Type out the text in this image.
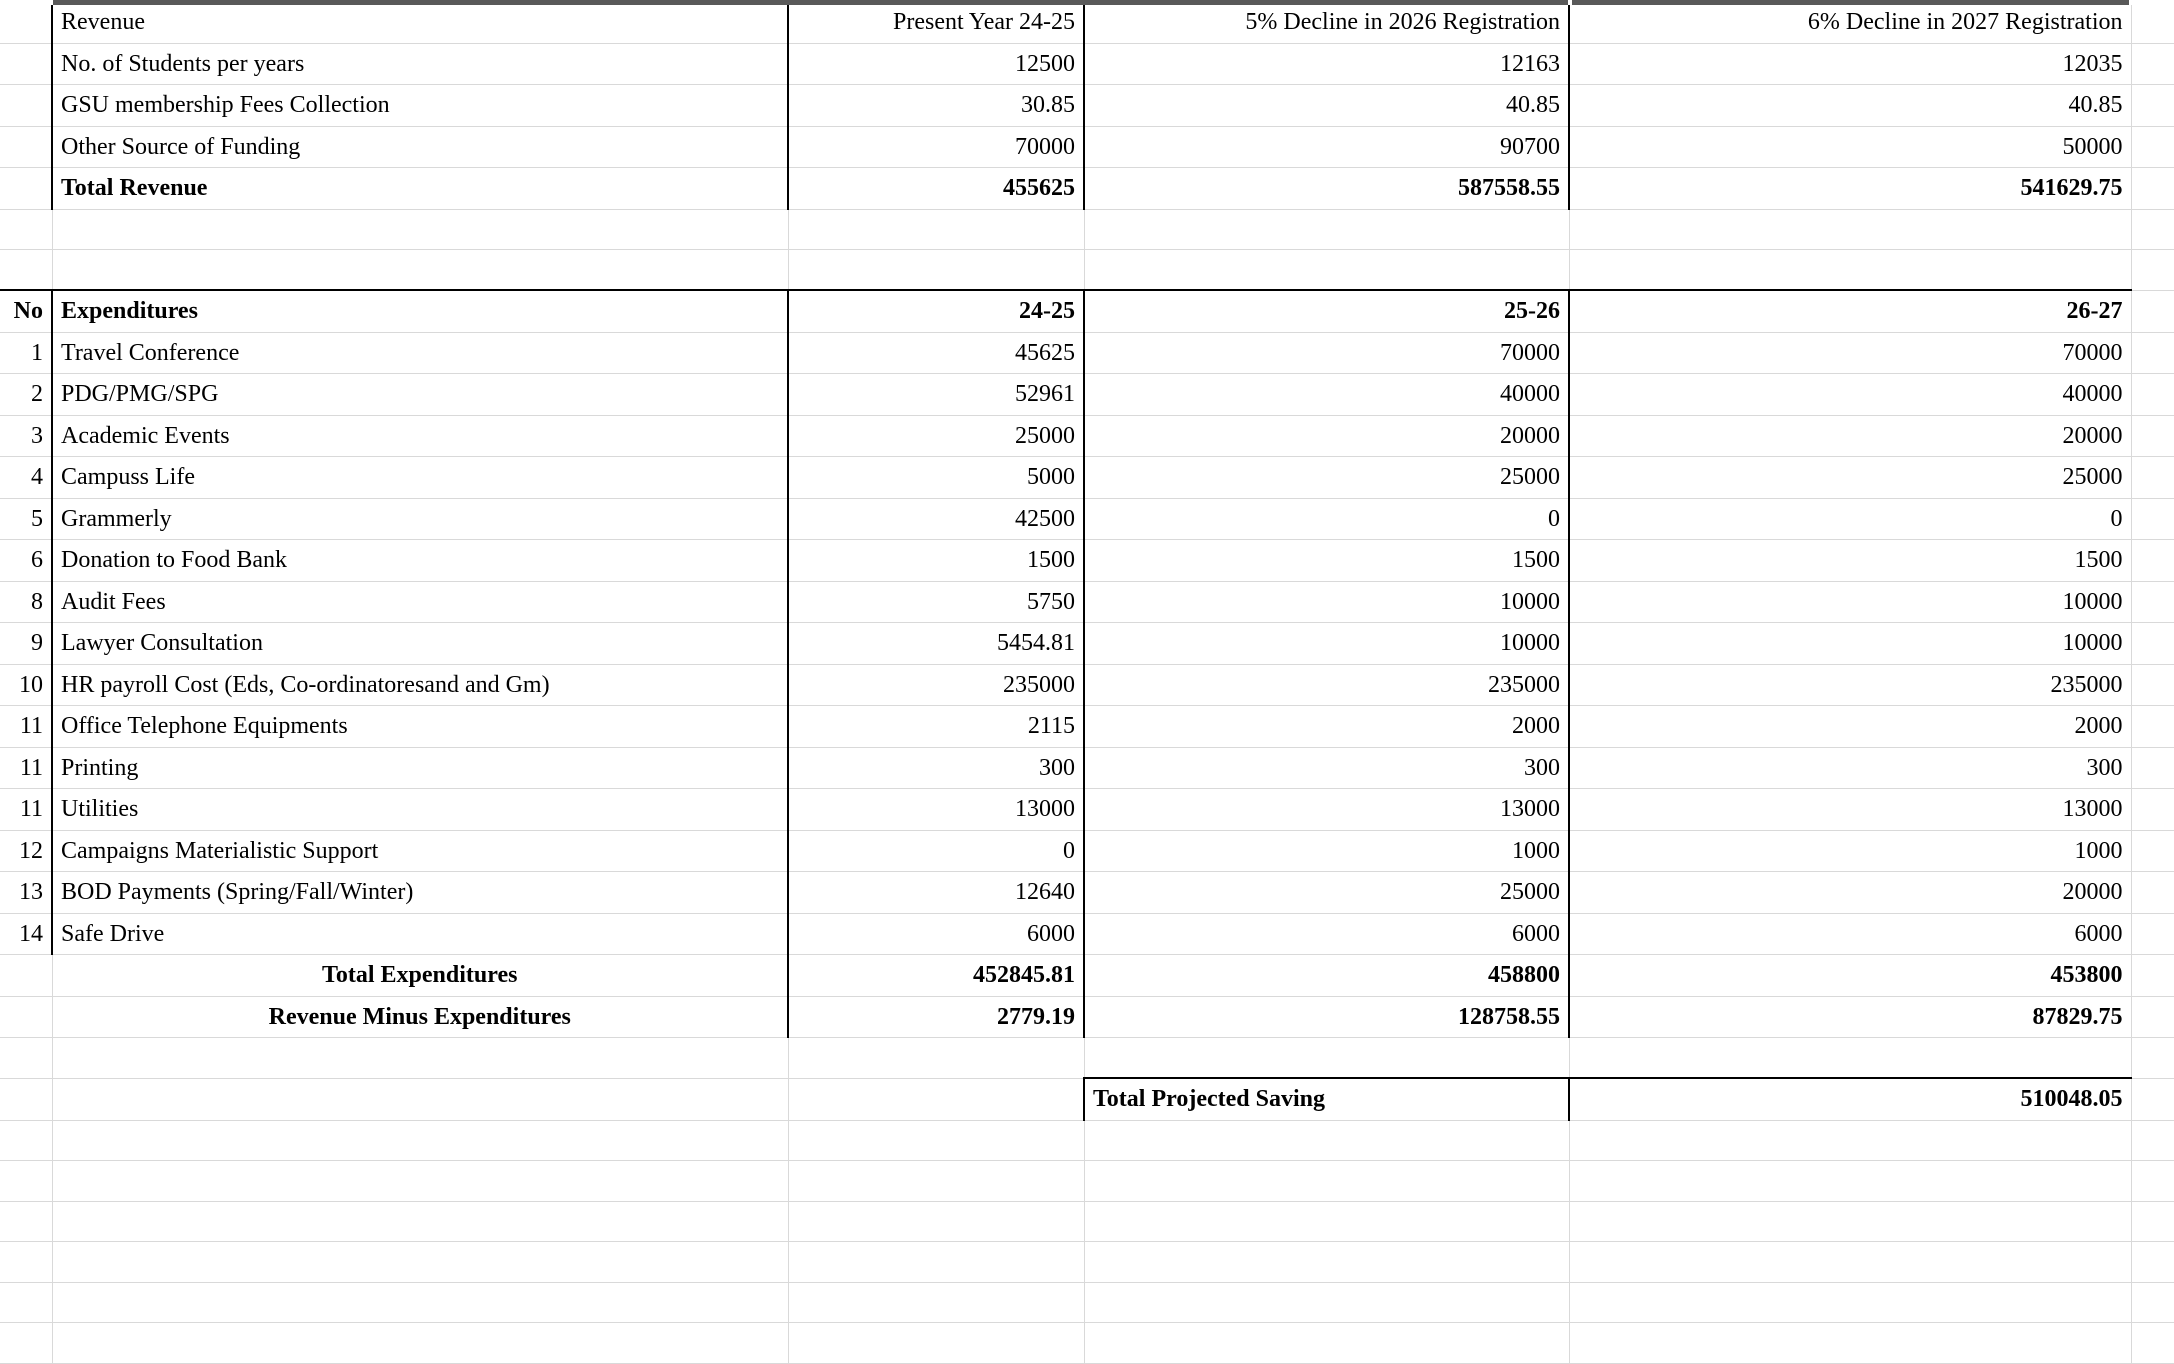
	Revenue	Present Year 24-25	5% Decline in 2026 Registration	6% Decline in 2027 Registration	
	No. of Students per years	12500	12163	12035	
	GSU membership Fees Collection	30.85	40.85	40.85	
	Other Source of Funding	70000	90700	50000	
	Total Revenue	455625	587558.55	541629.75	

No	Expenditures	24-25	25-26	26-27	
1	Travel Conference	45625	70000	70000	
2	PDG/PMG/SPG	52961	40000	40000	
3	Academic Events	25000	20000	20000	
4	Campuss Life	5000	25000	25000	
5	Grammerly	42500	0	0	
6	Donation to Food Bank	1500	1500	1500	
8	Audit Fees	5750	10000	10000	
9	Lawyer Consultation	5454.81	10000	10000	
10	HR payroll Cost (Eds, Co-ordinatoresand and Gm)	235000	235000	235000	
11	Office Telephone Equipments	2115	2000	2000	
11	Printing	300	300	300	
11	Utilities	13000	13000	13000	
12	Campaigns Materialistic Support	0	1000	1000	
13	BOD Payments (Spring/Fall/Winter)	12640	25000	20000	
14	Safe Drive	6000	6000	6000	
	Total Expenditures	452845.81	458800	453800	
	Revenue Minus Expenditures	2779.19	128758.55	87829.75	

			Total Projected Saving	510048.05	
